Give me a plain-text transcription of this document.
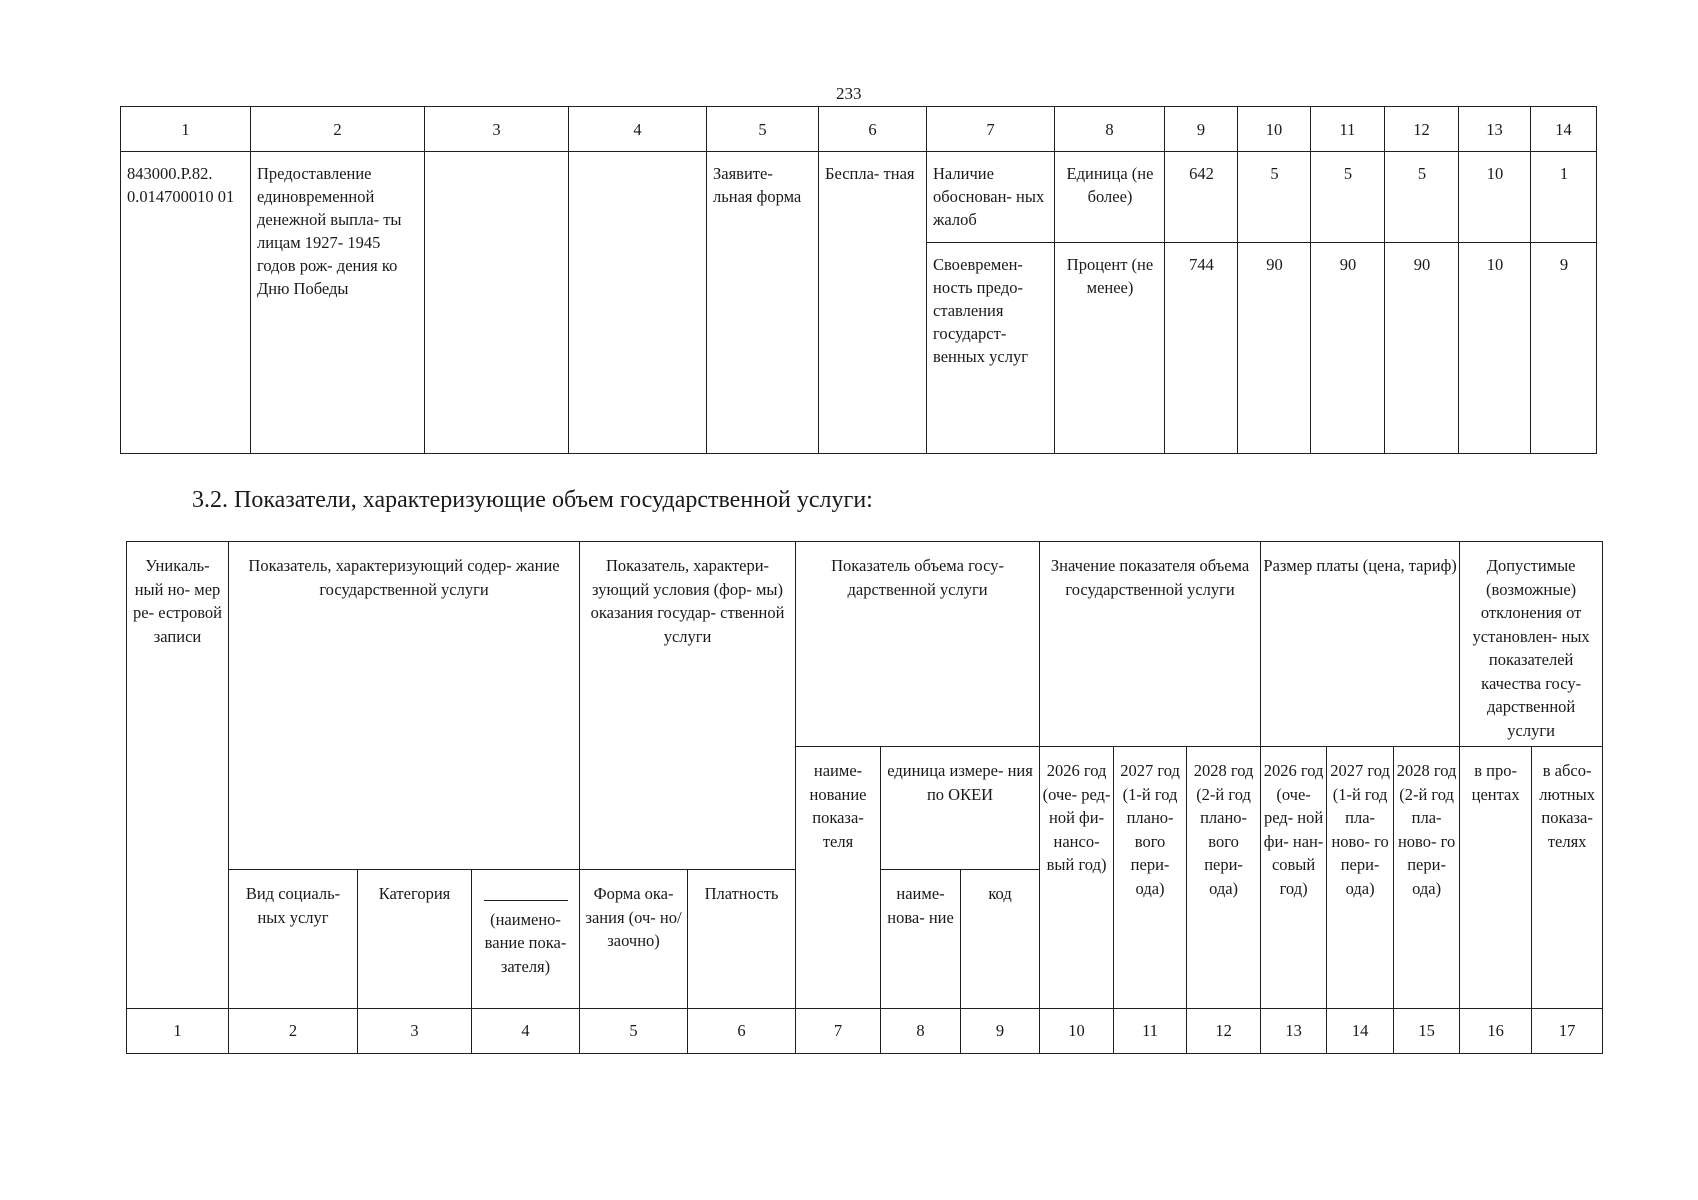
233
1	2	3	4	5	6	7	8	9	10	11	12	13	14
843000.Р.82. 0.014700010 01	Предоставление единовременной денежной выпла- ты лицам 1927- 1945 годов рож- дения ко Дню Победы			Заявите- льная форма	Беспла- тная	Наличие обоснован- ных жалоб	Единица (не более)	642	5	5	5	10	1
						Своевремен- ность предо- ставления государст- венных услуг	Процент (не менее)	744	90	90	90	10	9
3.2. Показатели, характеризующие объем государственной услуги:
Уникаль- ный но- мер ре- естровой записи	Показатель, характеризующий содер- жание государственной услуги			Показатель, характери- зующий условия (фор- мы) оказания государ- ственной услуги		Показатель объема госу- дарственной услуги			Значение показателя объема государственной услуги			Размер платы (цена, тариф)			Допустимые (возможные) отклонения от установлен- ных показателей качества госу- дарственной услуги	
						наиме- нование показа- теля	единица измере- ния по ОКЕИ		2026 год (оче- ред- ной фи- нансо- вый год)	2027 год (1-й год плано- вого пери- ода)	2028 год (2-й год плано- вого пери- ода)	2026 год (оче- ред- ной фи- нан- совый год)	2027 год (1-й год пла- ново- го пери- ода)	2028 год (2-й год пла- ново- го пери- ода)	в про- центах	в абсо- лютных показа- телях
	Вид социаль- ных услуг	Категория	(наимено- вание пока- зателя)	Форма ока- зания (оч- но/заочно)	Платность		наиме- нова- ние	код								
1	2	3	4	5	6	7	8	9	10	11	12	13	14	15	16	17
